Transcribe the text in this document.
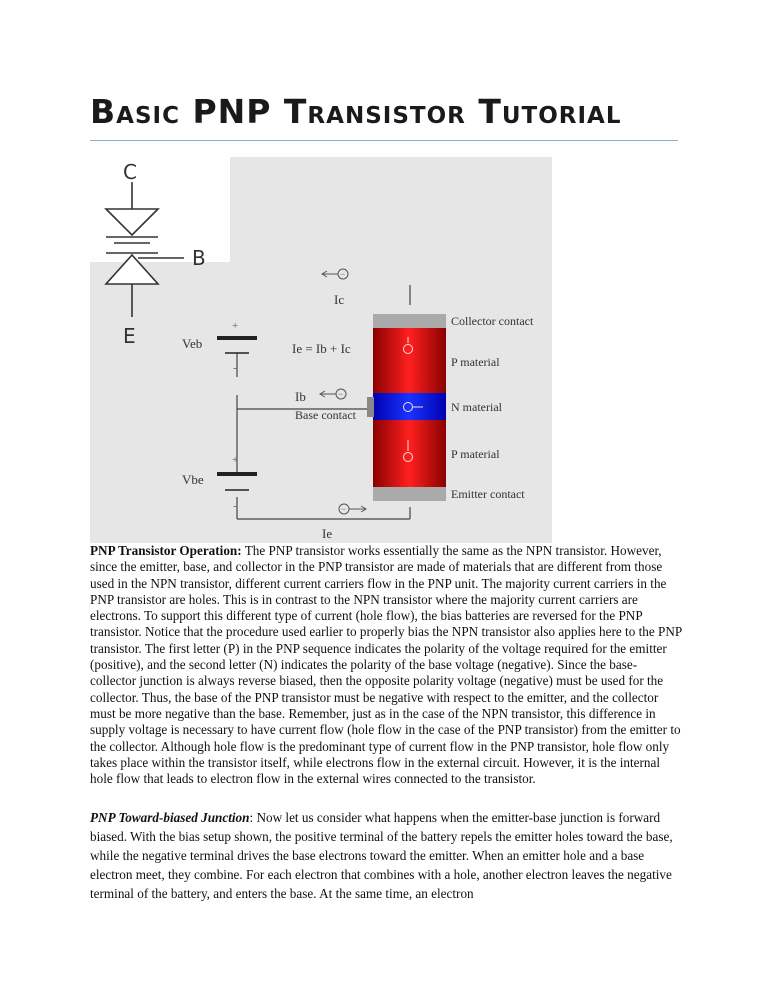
Basic PNP Transistor Tutorial
C
B
E	+
-
Veb
+
-
Vbe
−
Ic
Ie = Ib + Ic
−
Ib
Base contact
−
Ie
Collector contact
P material
N material
P material
Emitter contact

PNP Transistor Operation: The PNP transistor works essentially the same as the NPN transistor. However, since the emitter, base, and collector in the PNP transistor are made of materials that are different from those used in the NPN transistor, different current carriers flow in the PNP unit. The majority current carriers in the PNP transistor are holes. This is in contrast to the NPN transistor where the majority current carriers are electrons. To support this different type of current (hole flow), the bias batteries are reversed for the PNP transistor. Notice that the procedure used earlier to properly bias the NPN transistor also applies here to the PNP transistor. The first letter (P) in the PNP sequence indicates the polarity of the voltage required for the emitter (positive), and the second letter (N) indicates the polarity of the base voltage (negative). Since the base-collector junction is always reverse biased, then the opposite polarity voltage (negative) must be used for the collector. Thus, the base of the PNP transistor must be negative with respect to the emitter, and the collector must be more negative than the base. Remember, just as in the case of the NPN transistor, this difference in supply voltage is necessary to have current flow (hole flow in the case of the PNP transistor) from the emitter to the collector. Although hole flow is the predominant type of current flow in the PNP transistor, hole flow only takes place within the transistor itself, while electrons flow in the external circuit. However, it is the internal hole flow that leads to electron flow in the external wires connected to the transistor.

PNP Toward-biased Junction: Now let us consider what happens when the emitter-base junction is forward biased. With the bias setup shown, the positive terminal of the battery repels the emitter holes toward the base, while the negative terminal drives the base electrons toward the emitter. When an emitter hole and a base electron meet, they combine. For each electron that combines with a hole, another electron leaves the negative terminal of the battery, and enters the base. At the same time, an electron
